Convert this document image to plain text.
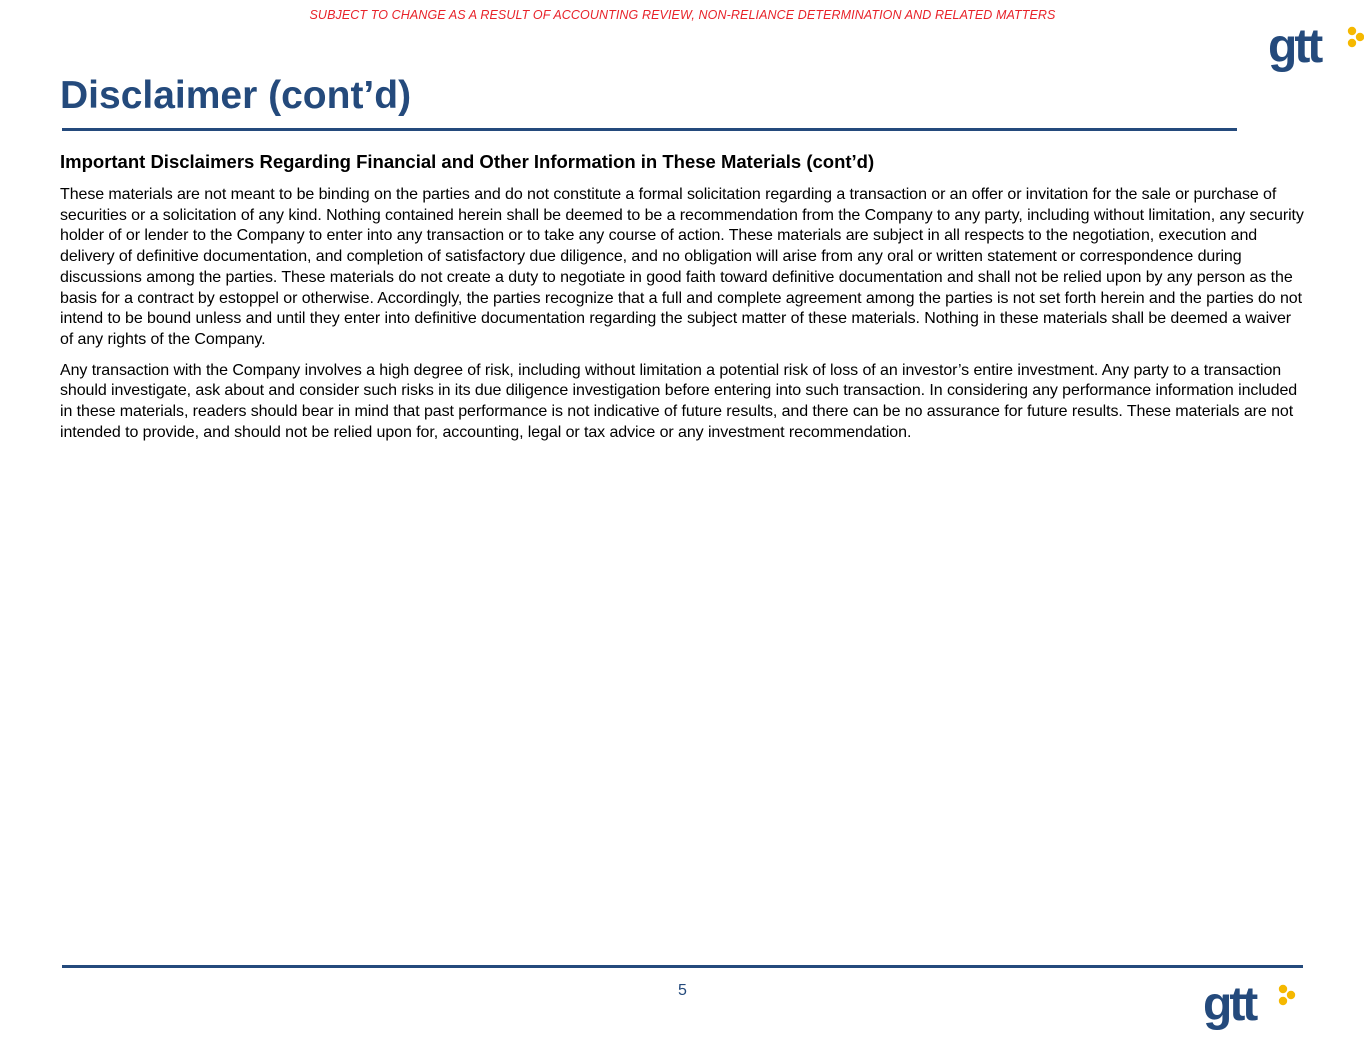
SUBJECT TO CHANGE AS A RESULT OF ACCOUNTING REVIEW, NON-RELIANCE DETERMINATION AND RELATED MATTERS
gtt
Disclaimer (cont’d)
Important Disclaimers Regarding Financial and Other Information in These Materials (cont’d)

These materials are not meant to be binding on the parties and do not constitute a formal solicitation regarding a transaction or an offer or invitation for the sale or purchase of securities or a solicitation of any kind. Nothing contained herein shall be deemed to be a recommendation from the Company to any party, including without limitation, any security holder of or lender to the Company to enter into any transaction or to take any course of action. These materials are subject in all respects to the negotiation, execution and delivery of definitive documentation, and completion of satisfactory due diligence, and no obligation will arise from any oral or written statement or correspondence during discussions among the parties. These materials do not create a duty to negotiate in good faith toward definitive documentation and shall not be relied upon by any person as the basis for a contract by estoppel or otherwise. Accordingly, the parties recognize that a full and complete agreement among the parties is not set forth herein and the parties do not intend to be bound unless and until they enter into definitive documentation regarding the subject matter of these materials. Nothing in these materials shall be deemed a waiver of any rights of the Company.

Any transaction with the Company involves a high degree of risk, including without limitation a potential risk of loss of an investor’s entire investment. Any party to a transaction should investigate, ask about and consider such risks in its due diligence investigation before entering into such transaction. In considering any performance information included in these materials, readers should bear in mind that past performance is not indicative of future results, and there can be no assurance for future results. These materials are not intended to provide, and should not be relied upon for, accounting, legal or tax advice or any investment recommendation.

5	gtt
